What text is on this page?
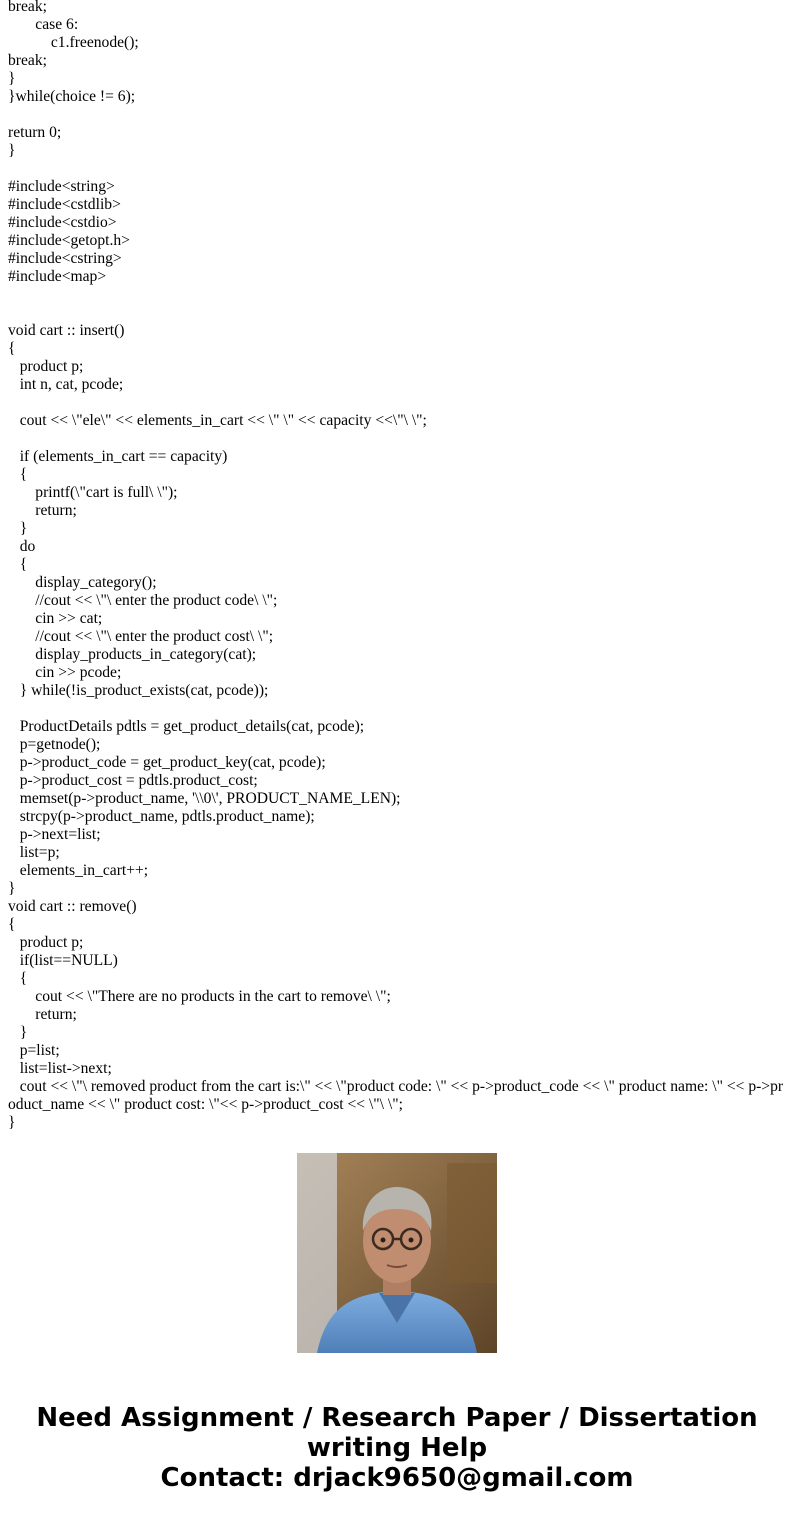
break;
case 6:
c1.freenode();
break;
}
}while(choice != 6);
return 0;
}
#include<string>
#include<cstdlib>
#include<cstdio>
#include<getopt.h>
#include<cstring>
#include<map>
void cart :: insert()
{
product p;
int n, cat, pcode;
cout << \"ele\" << elements_in_cart << \" \" << capacity <<\"\ \";
if (elements_in_cart == capacity)
{
printf(\"cart is full\ \");
return;
}
do
{
display_category();
//cout << \"\ enter the product code\ \";
cin >> cat;
//cout << \"\ enter the product cost\ \";
display_products_in_category(cat);
cin >> pcode;
} while(!is_product_exists(cat, pcode));
ProductDetails pdtls = get_product_details(cat, pcode);
p=getnode();
p->product_code = get_product_key(cat, pcode);
p->product_cost = pdtls.product_cost;
memset(p->product_name, '\\0\', PRODUCT_NAME_LEN);
strcpy(p->product_name, pdtls.product_name);
p->next=list;
list=p;
elements_in_cart++;
}
void cart :: remove()
{
product p;
if(list==NULL)
{
cout << \"There are no products in the cart to remove\ \";
return;
}
p=list;
list=list->next;
cout << \"\ removed product from the cart is:\" << \"product code: \" << p->product_code << \" product name: \" << p->product_name << \" product cost: \"<< p->product_cost << \"\ \";
}
Need Assignment / Research Paper / Dissertation
writing Help
Contact: drjack9650@gmail.com
